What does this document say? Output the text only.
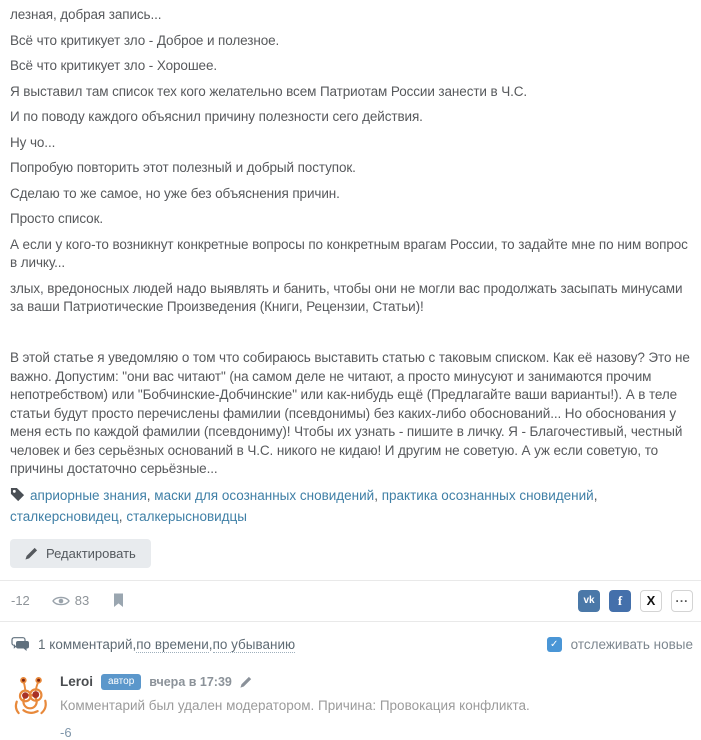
лезная, добрая запись...

Всё что критикует зло - Доброе и полезное.

Всё что критикует зло - Хорошее.

Я выставил там список тех кого желательно всем Патриотам России занести в Ч.С.

И по поводу каждого объяснил причину полезности сего действия.

Ну чо...

Попробую повторить этот полезный и добрый поступок.

Сделаю то же самое, но уже без объяснения причин.

Просто список.

А если у кого-то возникнут конкретные вопросы по конкретным врагам России, то задайте мне по ним вопрос в личку...

злых, вредоносных людей надо выявлять и банить, чтобы они не могли вас продолжать засыпать минусами за ваши Патриотические Произведения (Книги, Рецензии, Статьи)!

В этой статье я уведомляю о том что собираюсь выставить статью с таковым списком. Как её назову? Это не важно. Допустим: "они вас читают" (на самом деле не читают, а просто минусуют и занимаются прочим непотребством) или "Бобчинские-Добчинские" или как-нибудь ещё (Предлагайте ваши варианты!). А в теле статьи будут просто перечислены фамилии (псевдонимы) без каких-либо обоснований... Но обоснования у меня есть по каждой фамилии (псевдониму)! Чтобы их узнать - пишите в личку. Я - Благочестивый, честный человек и без серьёзных оснований в Ч.С. никого не кидаю! И другим не советую. А уж если советую, то причины достаточно серьёзные...

априорные знания, маски для осознанных сновидений, практика осознанных сновидений, сталкерсновидец, сталкерысновидцы
Редактировать
-12	83	vk	f	X	...
1 комментарий , по времени , по убыванию	✓ отслеживать новые
Leroi	автор	вчера в 17:39
Комментарий был удален модератором. Причина: Провокация конфликта.
-6
